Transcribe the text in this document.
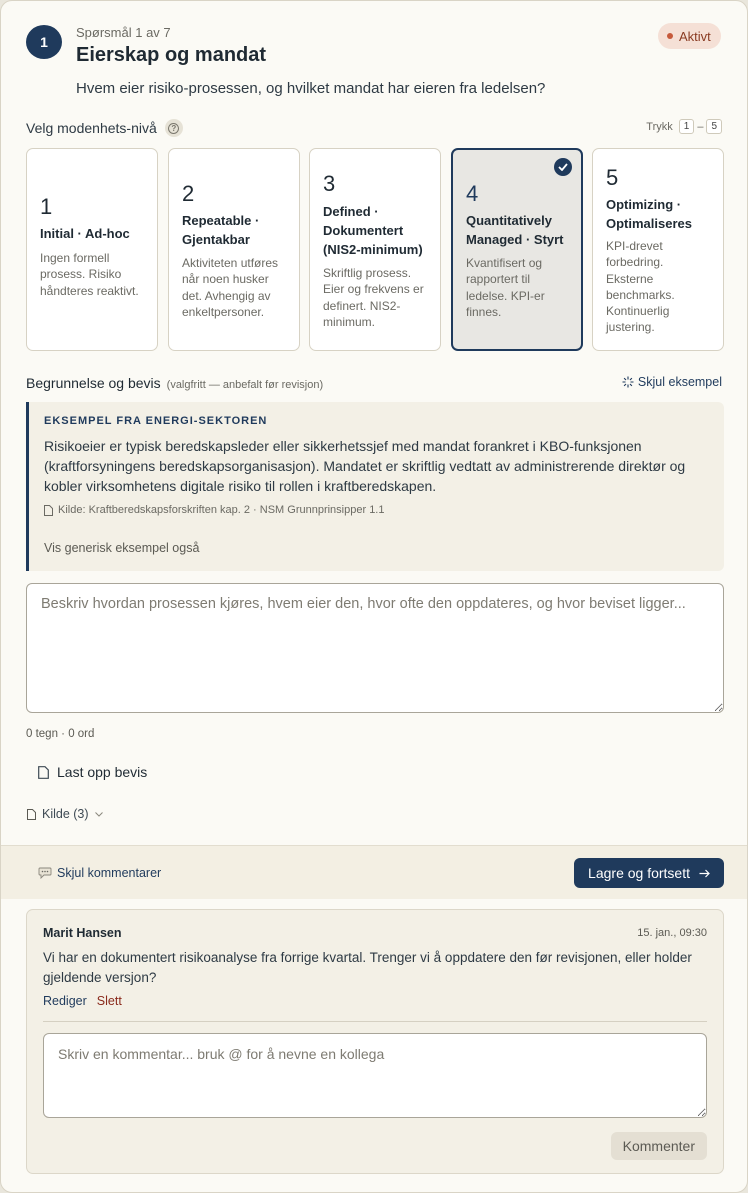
1
Spørsmål 1 av 7
Eierskap og mandat
Hvem eier risiko-prosessen, og hvilket mandat har eieren fra ledelsen?
Aktivt
Velg modenhets-nivå	?	Trykk	1 – 5
1
Initial · Ad-hoc
Ingen formell prosess. Risiko håndteres reaktivt.
2
Repeatable · Gjentakbar
Aktiviteten utføres når noen husker det. Avhengig av enkeltpersoner.
3
Defined · Dokumentert (NIS2-minimum)
Skriftlig prosess. Eier og frekvens er definert. NIS2-minimum.
4
Quantitatively Managed · Styrt
Kvantifisert og rapportert til ledelse. KPI-er finnes.
5
Optimizing · Optimaliseres
KPI-drevet forbedring. Eksterne benchmarks. Kontinuerlig justering.
Begrunnelse og bevis (valgfritt — anbefalt før revisjon)	Skjul eksempel
EKSEMPEL FRA ENERGI-SEKTOREN
Risikoeier er typisk beredskapsleder eller sikkerhetssjef med mandat forankret i KBO-funksjonen (kraftforsyningens beredskapsorganisasjon). Mandatet er skriftlig vedtatt av administrerende direktør og kobler virksomhetens digitale risiko til rollen i kraftberedskapen.
Kilde: Kraftberedskapsforskriften kap. 2 · NSM Grunnprinsipper 1.1
Vis generisk eksempel også
Beskriv hvordan prosessen kjøres, hvem eier den, hvor ofte den oppdateres, og hvor beviset ligger...
0 tegn · 0 ord
Last opp bevis
Kilde (3)
Skjul kommentarer	Lagre og fortsett
Marit Hansen	15. jan., 09:30
Vi har en dokumentert risikoanalyse fra forrige kvartal. Trenger vi å oppdatere den før revisjonen, eller holder gjeldende versjon?
Rediger Slett
Skriv en kommentar... bruk @ for å nevne en kollega
Kommenter
